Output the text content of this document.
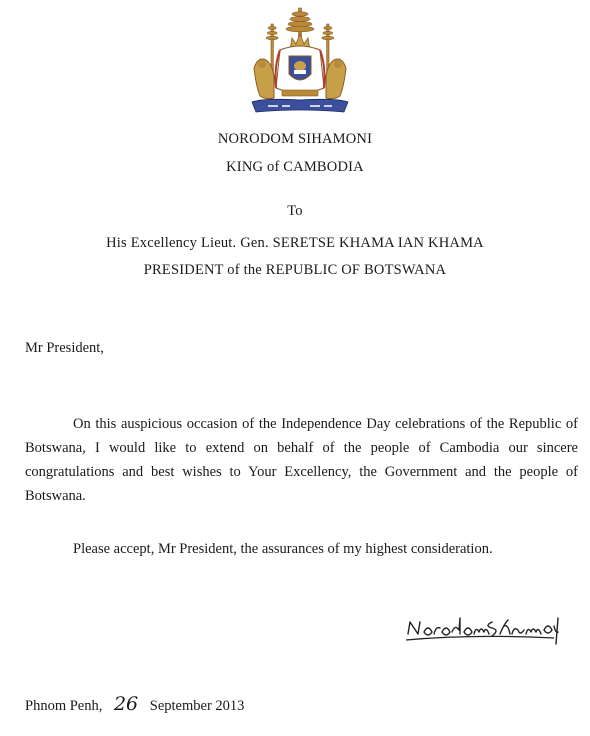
NORODOM SIHAMONI
KING of CAMBODIA
To
His Excellency Lieut. Gen. SERETSE KHAMA IAN KHAMA
PRESIDENT of the REPUBLIC OF BOTSWANA
Mr President,
On this auspicious occasion of the Independence Day celebrations of the Republic of Botswana, I would like to extend on behalf of the people of Cambodia our sincere congratulations and best wishes to Your Excellency, the Government and the people of Botswana.
Please accept, Mr President, the assurances of my highest consideration.
Phnom Penh, 26 September 2013
